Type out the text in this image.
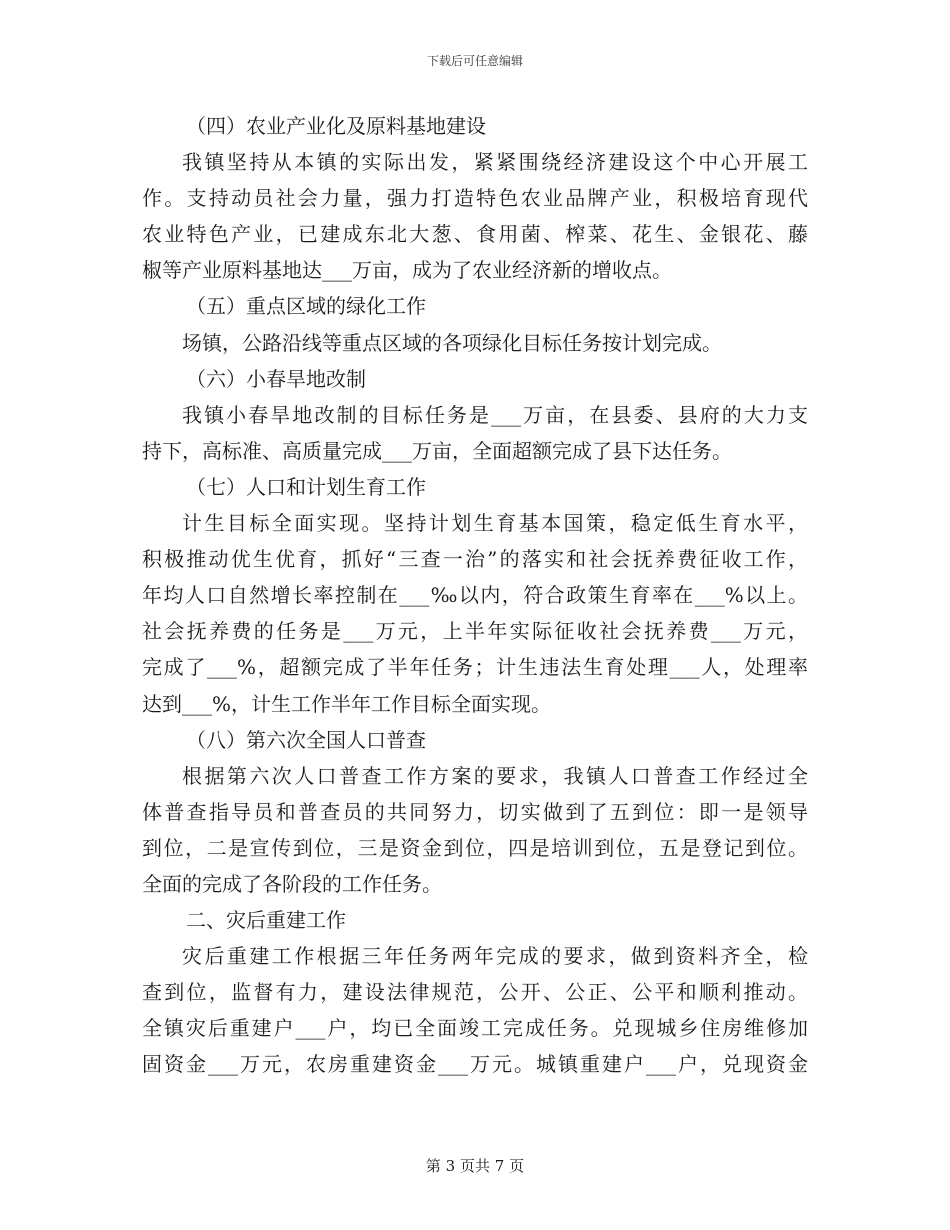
下载后可任意编辑
（四）农业产业化及原料基地建设
我镇坚持从本镇的实际出发，紧紧围绕经济建设这个中心开展工
作。支持动员社会力量，强力打造特色农业品牌产业，积极培育现代
农业特色产业，已建成东北大葱、食用菌、榨菜、花生、金银花、藤
椒等产业原料基地达___万亩，成为了农业经济新的增收点。
（五）重点区域的绿化工作
场镇，公路沿线等重点区域的各项绿化目标任务按计划完成。
（六）小春旱地改制
我镇小春旱地改制的目标任务是___万亩，在县委、县府的大力支
持下，高标准、高质量完成___万亩，全面超额完成了县下达任务。
（七）人口和计划生育工作
计生目标全面实现。坚持计划生育基本国策，稳定低生育水平，
积极推动优生优育，抓好“三查一治”的落实和社会抚养费征收工作，
年均人口自然增长率控制在___‰以内，符合政策生育率在___%以上。
社会抚养费的任务是___万元，上半年实际征收社会抚养费___万元，
完成了___%，超额完成了半年任务；计生违法生育处理___人，处理率
达到___%，计生工作半年工作目标全面实现。
（八）第六次全国人口普查
根据第六次人口普查工作方案的要求，我镇人口普查工作经过全
体普查指导员和普查员的共同努力，切实做到了五到位：即一是领导
到位，二是宣传到位，三是资金到位，四是培训到位，五是登记到位。
全面的完成了各阶段的工作任务。
二、灾后重建工作
灾后重建工作根据三年任务两年完成的要求，做到资料齐全，检
查到位，监督有力，建设法律规范，公开、公正、公平和顺利推动。
全镇灾后重建户___户，均已全面竣工完成任务。兑现城乡住房维修加
固资金___万元，农房重建资金___万元。城镇重建户___户，兑现资金
第 3 页共 7 页
